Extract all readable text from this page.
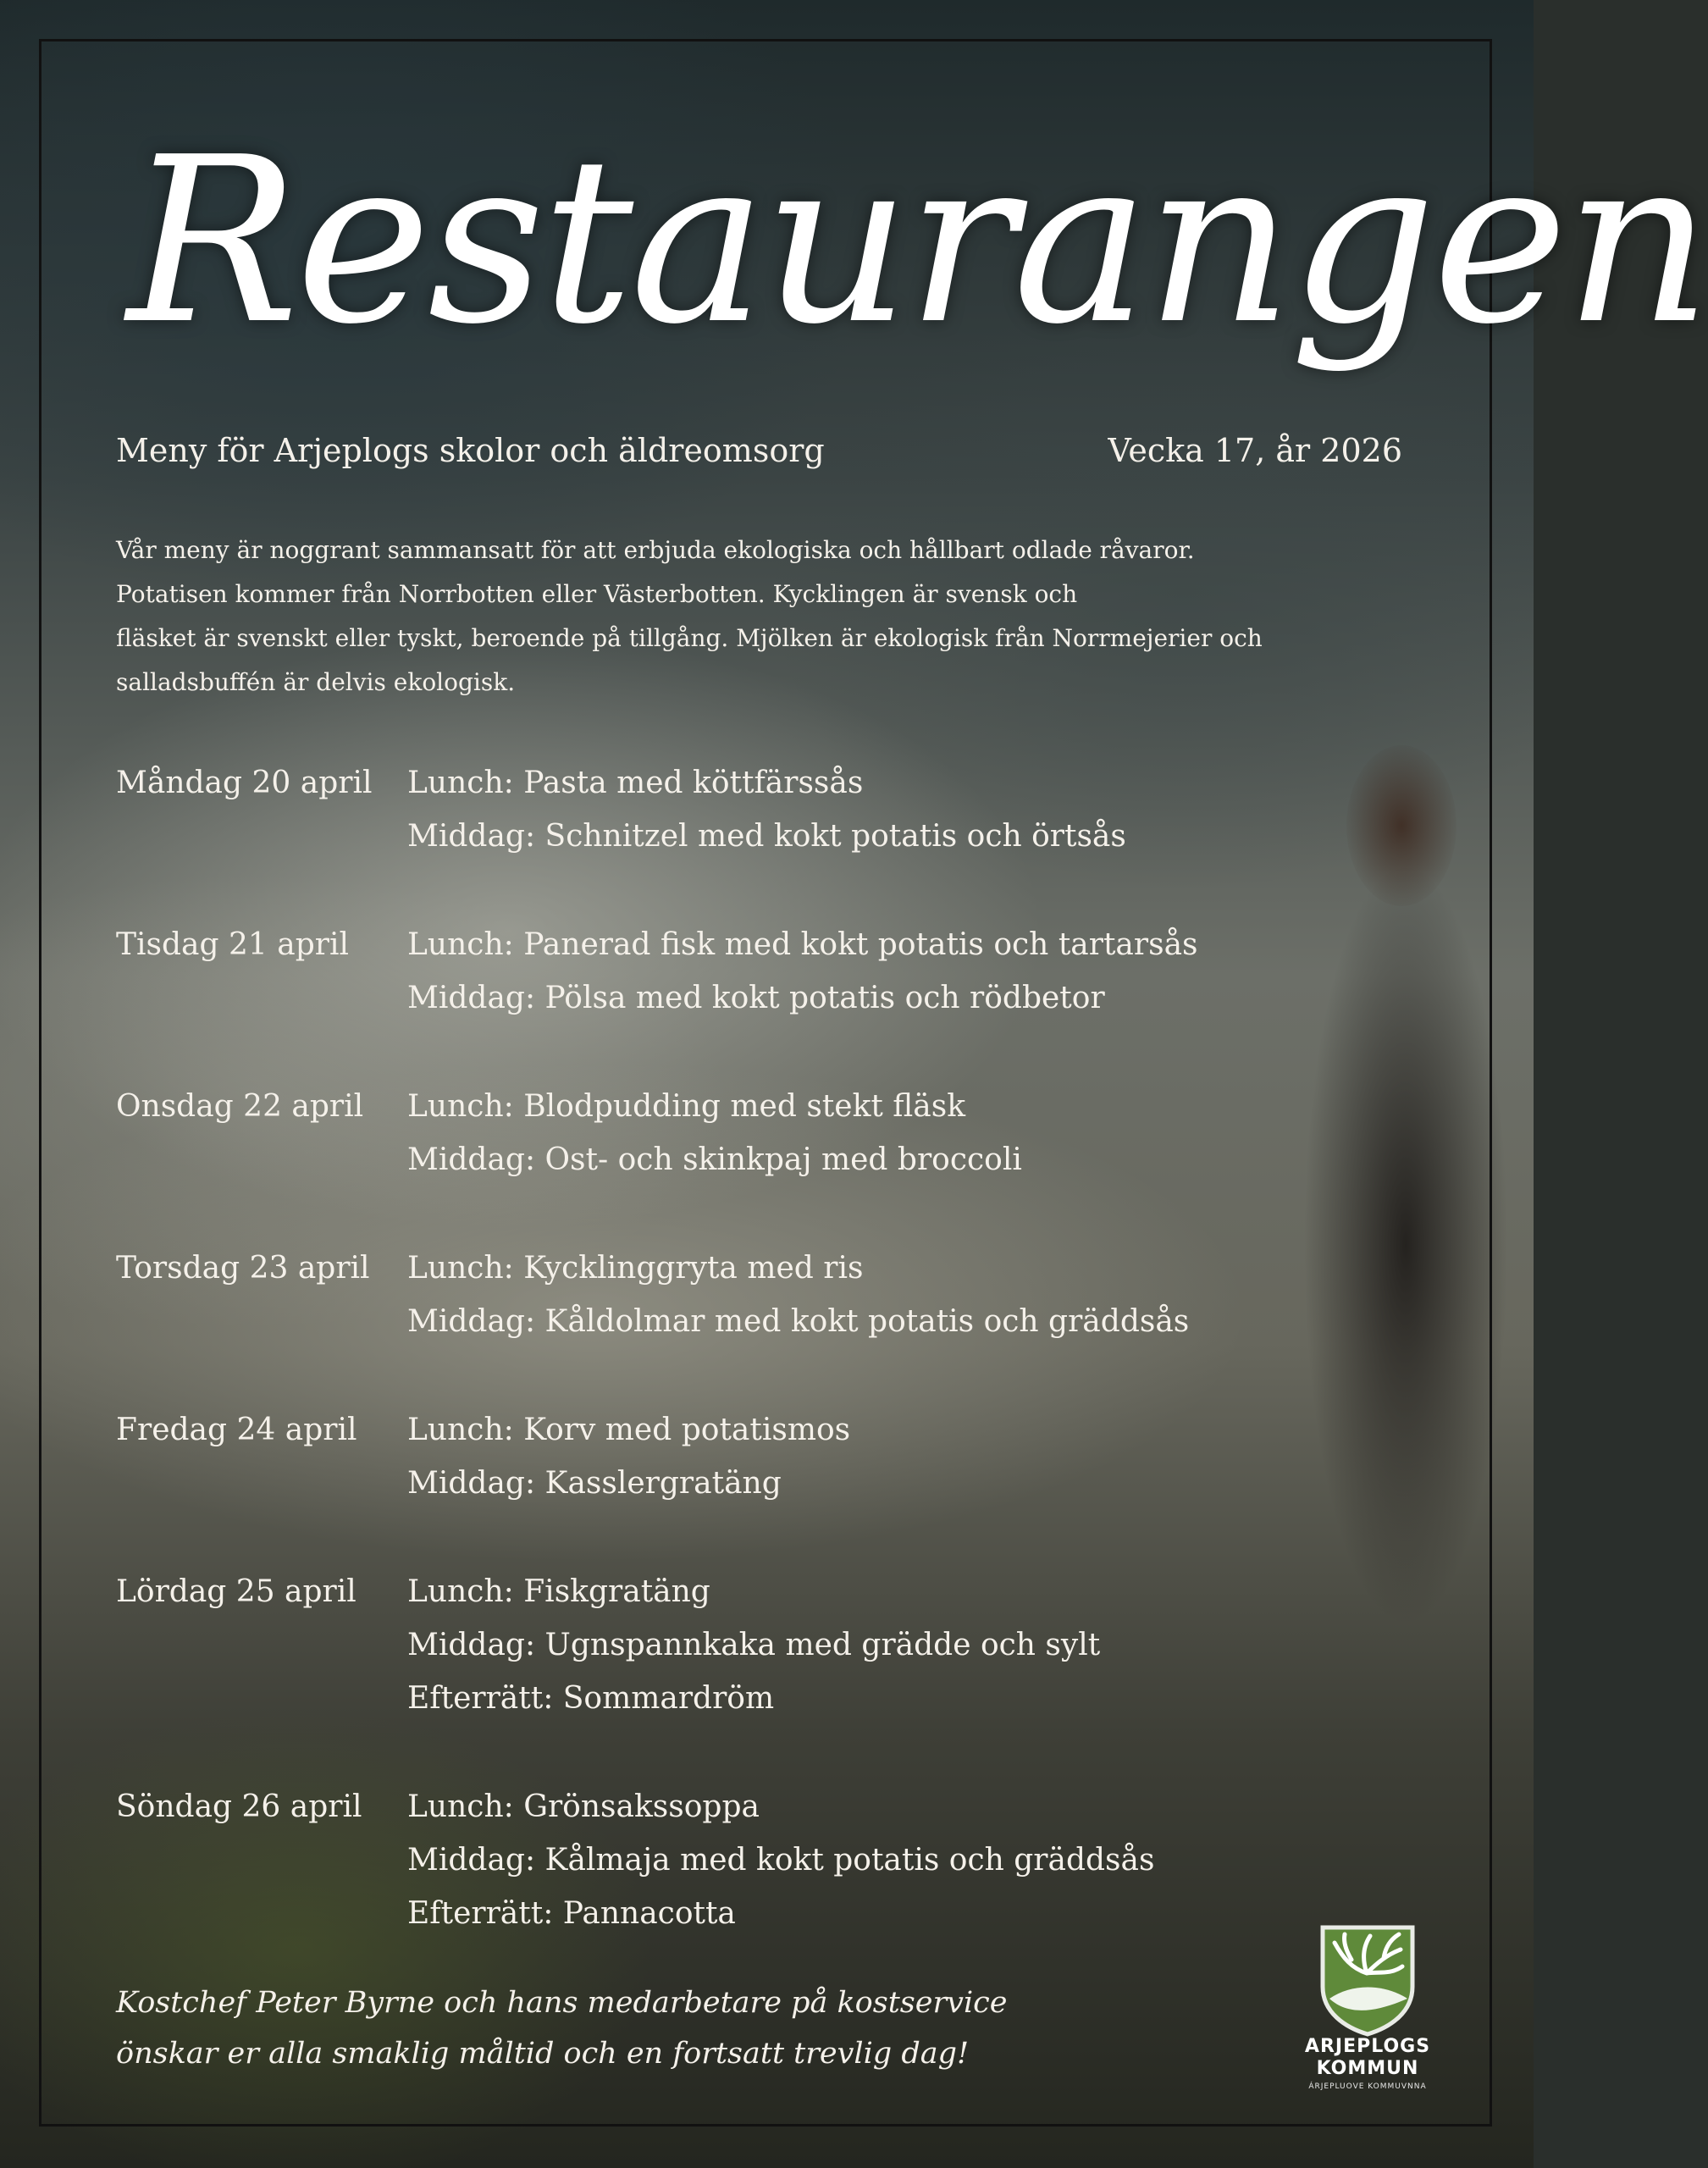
Restaurangen
Meny för Arjeplogs skolor och äldreomsorg	Vecka 17, år 2026
Vår meny är noggrant sammansatt för att erbjuda ekologiska och hållbart odlade råvaror.
Potatisen kommer från Norrbotten eller Västerbotten. Kycklingen är svensk och
fläsket är svenskt eller tyskt, beroende på tillgång. Mjölken är ekologisk från Norrmejerier och
salladsbuffén är delvis ekologisk.
Måndag 20 april	Lunch: Pasta med köttfärssås
Middag: Schnitzel med kokt potatis och örtsås
Tisdag 21 april	Lunch: Panerad fisk med kokt potatis och tartarsås
Middag: Pölsa med kokt potatis och rödbetor
Onsdag 22 april	Lunch: Blodpudding med stekt fläsk
Middag: Ost- och skinkpaj med broccoli
Torsdag 23 april	Lunch: Kycklinggryta med ris
Middag: Kåldolmar med kokt potatis och gräddsås
Fredag 24 april	Lunch: Korv med potatismos
Middag: Kasslergratäng
Lördag 25 april	Lunch: Fiskgratäng
Middag: Ugnspannkaka med grädde och sylt
Efterrätt: Sommardröm
Söndag 26 april	Lunch: Grönsakssoppa
Middag: Kålmaja med kokt potatis och gräddsås
Efterrätt: Pannacotta
Kostchef Peter Byrne och hans medarbetare på kostservice
önskar er alla smaklig måltid och en fortsatt trevlig dag!	ARJEPLOGS
KOMMUN
ÁRJEPLUOVE KOMMUVNNA
